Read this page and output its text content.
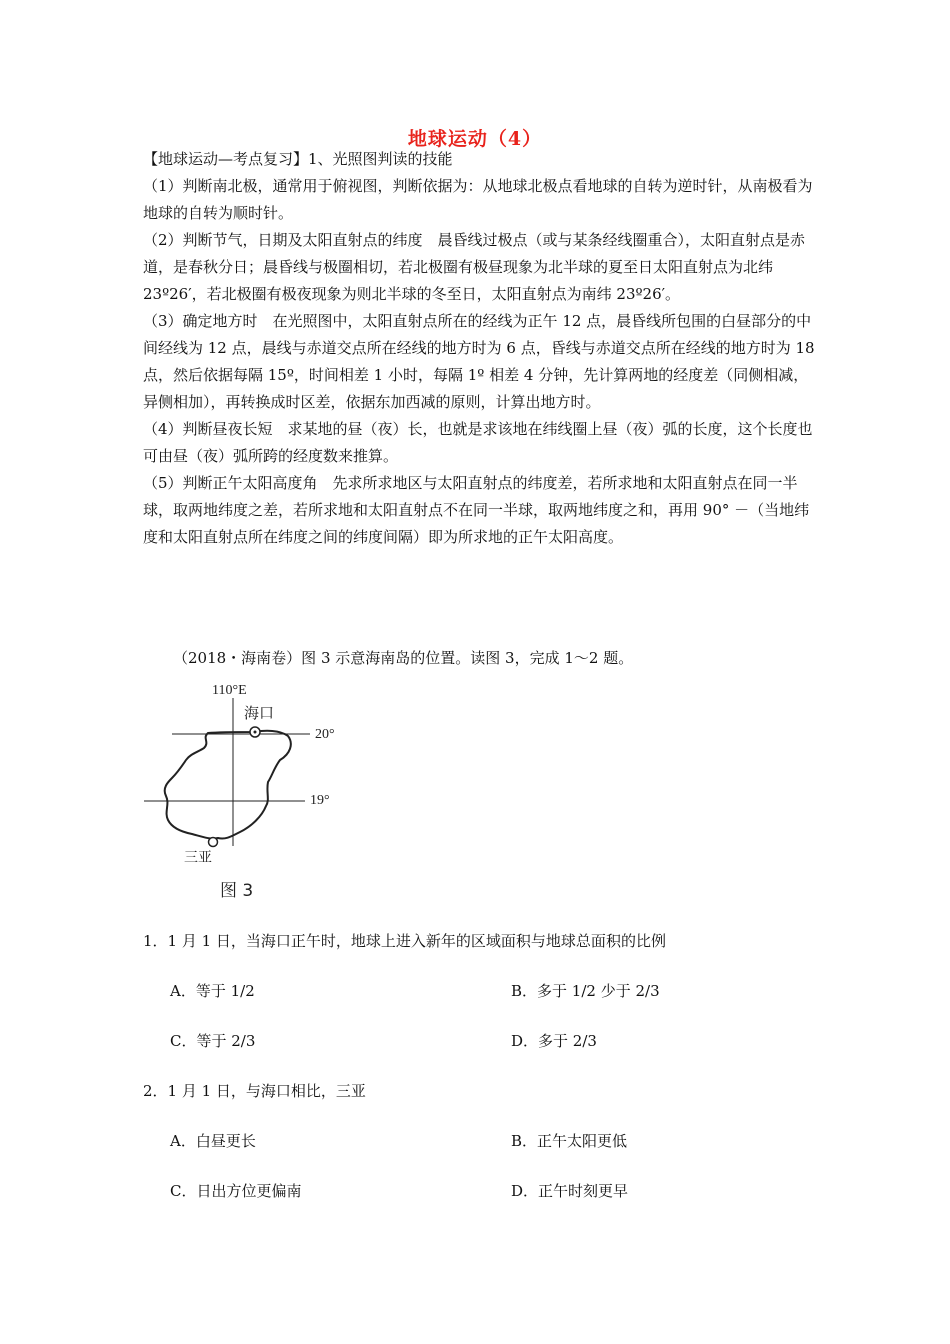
地球运动（4）

【地球运动—考点复习】1、光照图判读的技能

（1）判断南北极，通常用于俯视图，判断依据为：从地球北极点看地球的自转为逆时针，从南极看为地球的自转为顺时针。

（2）判断节气，日期及太阳直射点的纬度　晨昏线过极点（或与某条经线圈重合），太阳直射点是赤道，是春秋分日；晨昏线与极圈相切，若北极圈有极昼现象为北半球的夏至日太阳直射点为北纬 23º26′，若北极圈有极夜现象为则北半球的冬至日，太阳直射点为南纬 23º26′。

（3）确定地方时　在光照图中，太阳直射点所在的经线为正午 12 点，晨昏线所包围的白昼部分的中间经线为 12 点，晨线与赤道交点所在经线的地方时为 6 点，昏线与赤道交点所在经线的地方时为 18 点，然后依据每隔 15º，时间相差 1 小时，每隔 1º 相差 4 分钟，先计算两地的经度差（同侧相减，异侧相加），再转换成时区差，依据东加西减的原则，计算出地方时。

（4）判断昼夜长短　求某地的昼（夜）长，也就是求该地在纬线圈上昼（夜）弧的长度，这个长度也可由昼（夜）弧所跨的经度数来推算。

（5）判断正午太阳高度角　先求所求地区与太阳直射点的纬度差，若所求地和太阳直射点在同一半球，取两地纬度之差，若所求地和太阳直射点不在同一半球，取两地纬度之和，再用 90° －（当地纬度和太阳直射点所在纬度之间的纬度间隔）即为所求地的正午太阳高度。

（2018・海南卷）图 3 示意海南岛的位置。读图 3，完成 1～2 题。
110°E
海口
20°
19°
三亚
图 3
1．1 月 1 日，当海口正午时，地球上进入新年的区域面积与地球总面积的比例
A．等于 1/2	B．多于 1/2 少于 2/3
C．等于 2/3	D．多于 2/3
2．1 月 1 日，与海口相比，三亚
A．白昼更长	B．正午太阳更低
C．日出方位更偏南	D．正午时刻更早
